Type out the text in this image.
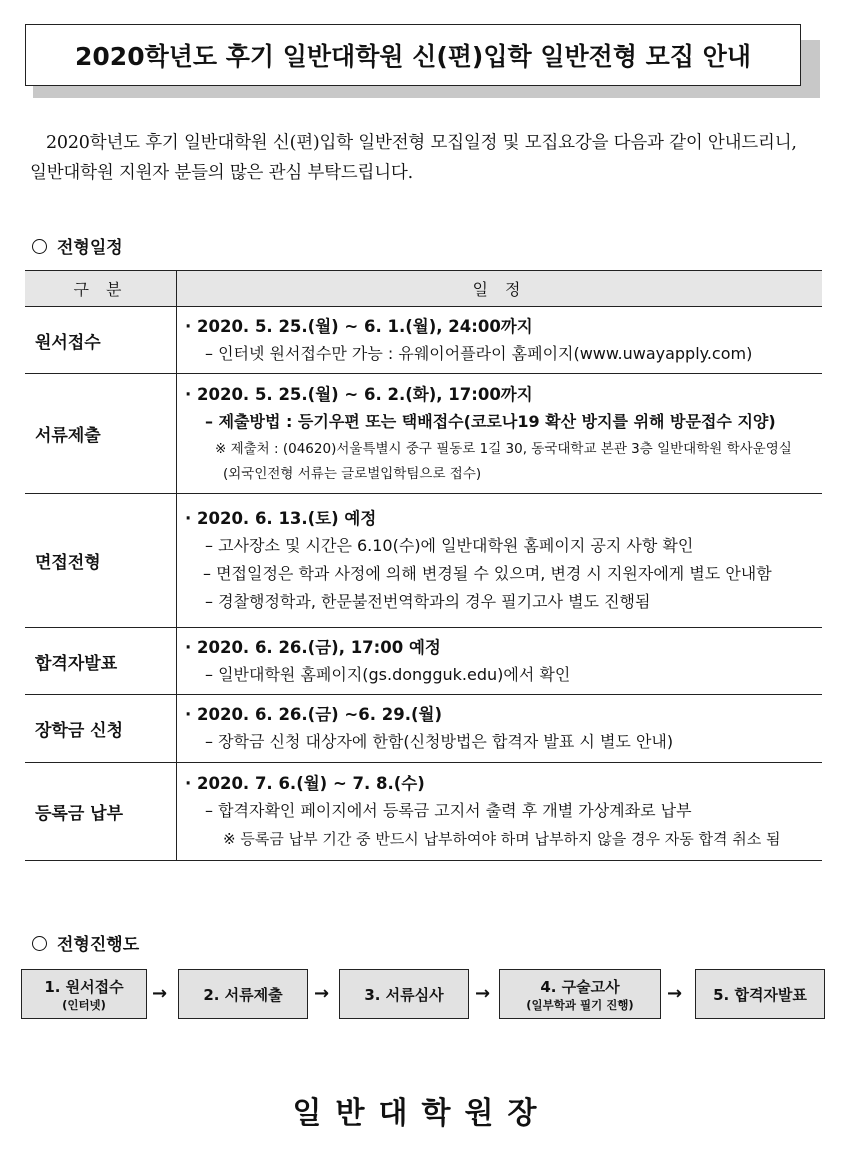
2020학년도 후기 일반대학원 신(편)입학 일반전형 모집 안내
2020학년도 후기 일반대학원 신(편)입학 일반전형 모집일정 및 모집요강을 다음과 같이 안내드리니, 일반대학원 지원자 분들의 많은 관심 부탁드립니다.
전형일정
구 분	일 정
원서접수	· 2020. 5. 25.(월) ~ 6. 1.(월), 24:00까지
– 인터넷 원서접수만 가능 : 유웨이어플라이 홈페이지(www.uwayapply.com)

서류제출	· 2020. 5. 25.(월) ~ 6. 2.(화), 17:00까지
– 제출방법 : 등기우편 또는 택배접수(코로나19 확산 방지를 위해 방문접수 지양)
※ 제출처 : (04620)서울특별시 중구 필동로 1길 30, 동국대학교 본관 3층 일반대학원 학사운영실
(외국인전형 서류는 글로벌입학팀으로 접수)

면접전형	· 2020. 6. 13.(토) 예정
– 고사장소 및 시간은 6.10(수)에 일반대학원 홈페이지 공지 사항 확인
– 면접일정은 학과 사정에 의해 변경될 수 있으며, 변경 시 지원자에게 별도 안내함
– 경찰행정학과, 한문불전번역학과의 경우 필기고사 별도 진행됨

합격자발표	· 2020. 6. 26.(금), 17:00 예정
– 일반대학원 홈페이지(gs.dongguk.edu)에서 확인

장학금 신청	· 2020. 6. 26.(금) ~6. 29.(월)
– 장학금 신청 대상자에 한함(신청방법은 합격자 발표 시 별도 안내)

등록금 납부	· 2020. 7. 6.(월) ~ 7. 8.(수)
– 합격자확인 페이지에서 등록금 고지서 출력 후 개별 가상계좌로 납부
※ 등록금 납부 기간 중 반드시 납부하여야 하며 납부하지 않을 경우 자동 합격 취소 됨
전형진행도
1. 원서접수
(인터넷)
→ 2. 서류제출 → 3. 서류심사 →	4. 구술고사
(일부학과 필기 진행)
→ 5. 합격자발표
일반대학원장
